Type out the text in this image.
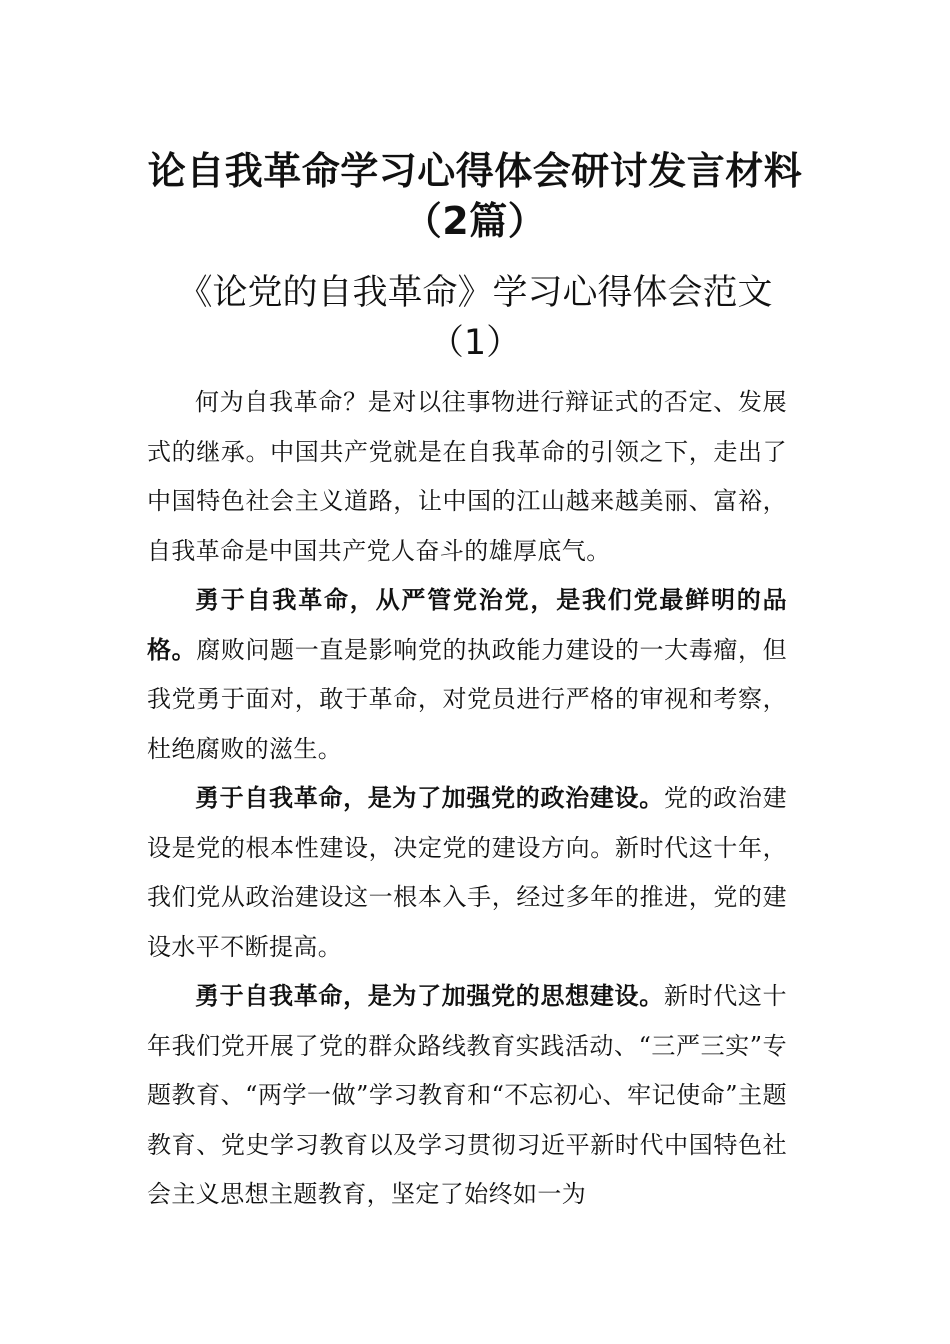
论自我革命学习心得体会研讨发言材料
（2篇）
《论党的自我革命》学习心得体会范文
（1）

何为自我革命？是对以往事物进行辩证式的否定、发展式的继承。中国共产党就是在自我革命的引领之下，走出了中国特色社会主义道路，让中国的江山越来越美丽、富裕，自我革命是中国共产党人奋斗的雄厚底气。

勇于自我革命，从严管党治党，是我们党最鲜明的品格。腐败问题一直是影响党的执政能力建设的一大毒瘤，但我党勇于面对，敢于革命，对党员进行严格的审视和考察，杜绝腐败的滋生。

勇于自我革命，是为了加强党的政治建设。党的政治建设是党的根本性建设，决定党的建设方向。新时代这十年，我们党从政治建设这一根本入手，经过多年的推进，党的建设水平不断提高。

勇于自我革命，是为了加强党的思想建设。新时代这十年我们党开展了党的群众路线教育实践活动、“三严三实”专题教育、“两学一做”学习教育和“不忘初心、牢记使命”主题教育、党史学习教育以及学习贯彻习近平新时代中国特色社会主义思想主题教育，坚定了始终如一为
